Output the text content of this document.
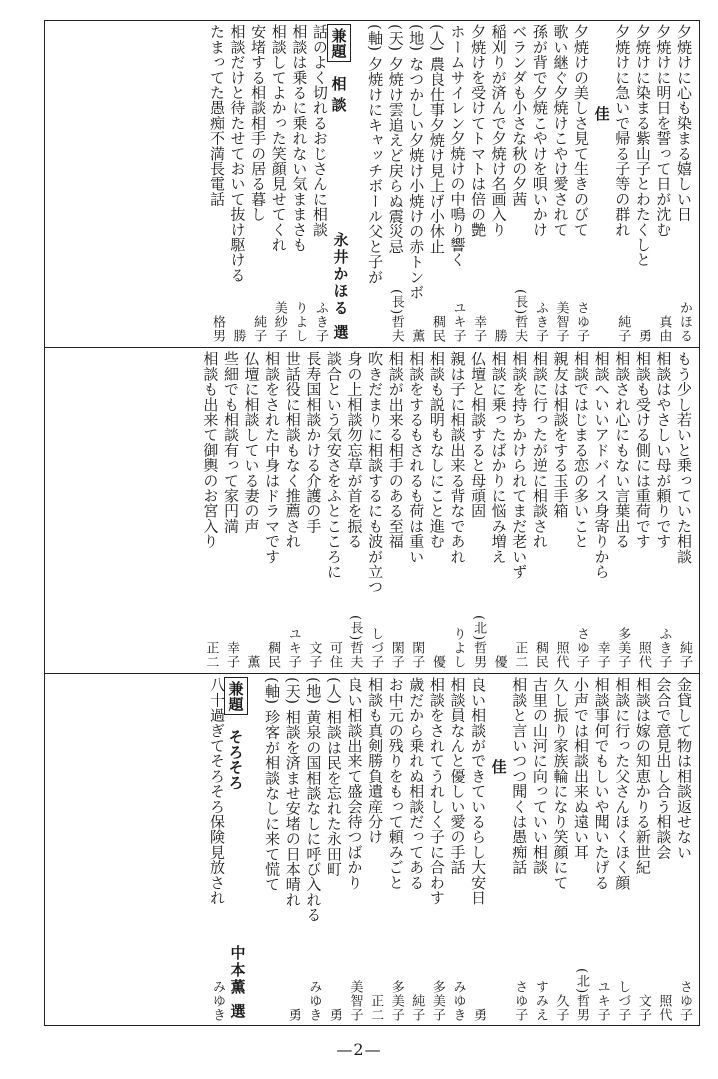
夕焼けに心も染まる嬉しい日
かほる
夕焼けに明日を誓って日が沈む
真由
夕焼けに染まる紫山子とわたくしと
勇
夕焼けに急いで帰る子等の群れ
純子
佳
夕焼けの美しさ見て生きのびて
さゆ子
歌い継ぐ夕焼けこやけ愛されて
美智子
孫が背で夕焼こやけを唄いかけ
ふき子
ベランダも小さな秋の夕茜
(長)哲夫
稲刈りが済んで夕焼け名画入り
勝
夕焼けを受けてトマトは倍の艶
幸子
ホームサイレン夕焼けの中鳴り響く
ユキ子
(人) 農良仕事夕焼け見上げ小休止
稠民
(地) なつかしい夕焼け小焼けの赤トンボ
薫
(天) 夕焼け雲追えど戻らぬ震災忌
(長)哲夫
(軸) 夕焼けにキャッチボール父と子が
兼題相 談
永井かほる 選
話のよく切れるおじさんに相談
ふき子
相談は乗るに乗れない気ままさも
りよし
相談してよかった笑顔見せてくれ
美紗子
安堵する相談相手の居る暮し
純子
相談だけと待たせておいて抜け駆ける
勝
たまってた愚痴不満長電話
格男
もう少し若いと乗っていた相談
純子
相談はやさしい母が頼りです
ふき子
相談も受ける側には重荷です
照代
相談され心にもない言葉出る
多美子
相談へいいアドバイス身寄りから
幸子
相談ではじまる恋の多いこと
さゆ子
親友は相談をする玉手箱
照代
相談に行ったが逆に相談され
稠民
相談を持ちかけられてまだ老いず
正二
相談に乗ったばかりに悩み増え
優
仏壇と相談すると母頑固
(北)哲男
親は子に相談出来る背なであれ
りよし
相談も説明もなしにこと進む
優
相談をするもされるも荷は重い
閑子
相談が出来る相手のある至福
閑子
吹きだまりに相談するにも波が立つ
しづ子
身の上相談勿忘草が首を振る
(長)哲夫
談合という気安さをふとこころに
可住
長寿国相談かける介護の手
文子
世話役に相談もなく推薦され
ユキ子
相談をされた中身はドラマです
稠民
仏壇に相談している妻の声
薫
些細でも相談有って家円満
幸子
相談も出来て御輿のお宮入り
正二
金貸して物は相談返せない
さゆ子
会合で意見出し合う相談会
照代
相談は嫁の知恵かりる新世紀
文子
相談に行った父さんほくほく顔
しづ子
相談事何でもしいや聞いたげる
ユキ子
小声では相談出来ぬ遠い耳
(北)哲男
久し振り家族輪になり笑顔にて
久子
古里の山河に向っていい相談
すみえ
相談と言いつつ聞くは愚痴話
さゆ子
佳
良い相談ができているらし大安日
勇
相談員なんと優しい愛の手話
みゆき
相談をされてうれしく子に合わす
多美子
歳だから乗れぬ相談だってある
純子
お中元の残りをもって頼みごと
多美子
相談も真剣勝負遺産分け
正二
良い相談出来て盛会待つばかり
美智子
(人) 相談は民を忘れた永田町
勇
(地) 黄泉の国相談なしに呼び入れる
みゆき
(天) 相談を済ませ安堵の日本晴れ
勇
(軸) 珍客が相談なしに来て慌て
兼題そろそろ
中本薫 選
八十過ぎてそろそろ保険見放され
みゆき
—2—
